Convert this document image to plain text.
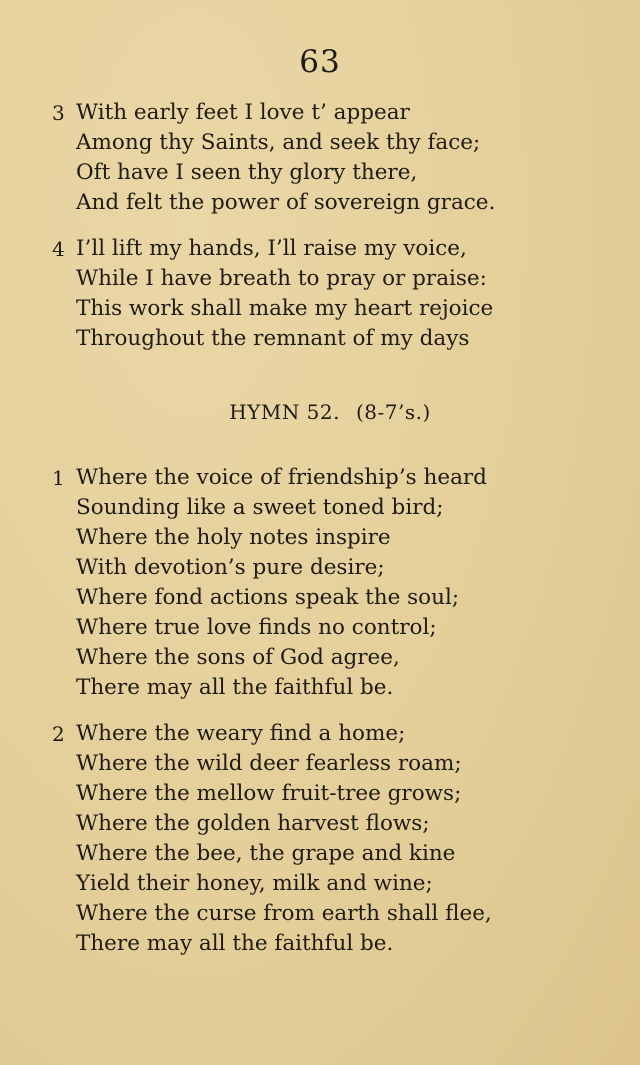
63
3 With early feet I love t’ appear
Among thy Saints, and seek thy face;
Oft have I seen thy glory there,
And felt the power of sovereign grace.
4 I’ll lift my hands, I’ll raise my voice,
While I have breath to pray or praise:
This work shall make my heart rejoice
Throughout the remnant of my days
HYMN 52. (8-7’s.)
1 Where the voice of friendship’s heard
Sounding like a sweet toned bird;
Where the holy notes inspire
With devotion’s pure desire;
Where fond actions speak the soul;
Where true love finds no control;
Where the sons of God agree,
There may all the faithful be.
2 Where the weary find a home;
Where the wild deer fearless roam;
Where the mellow fruit-tree grows;
Where the golden harvest flows;
Where the bee, the grape and kine
Yield their honey, milk and wine;
Where the curse from earth shall flee,
There may all the faithful be.
